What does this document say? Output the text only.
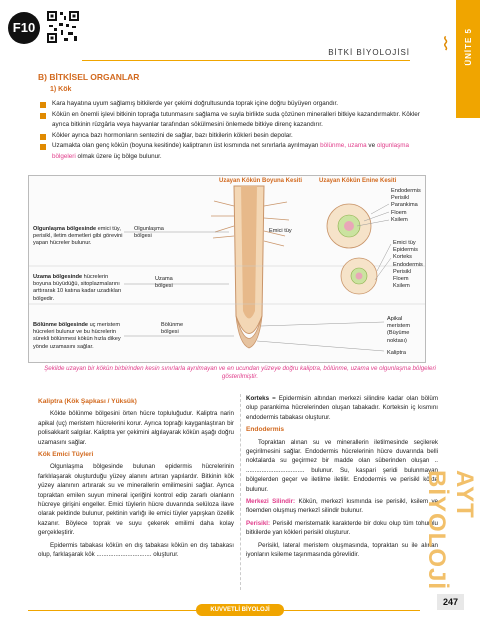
F10
⌇
BİTKİ BİYOLOJİSİ	ÜNİTE 5
B) BİTKİSEL ORGANLAR
1) Kök
Kara hayatına uyum sağlamış bitkilerde yer çekimi doğrultusunda toprak içine doğru büyüyen organdır.
Kökün en önemli işlevi bitkinin toprağa tutunmasını sağlama ve suyla birlikte suda çözünen mineralleri bitkiye kazandırmaktır. Kökler ayrıca bitkinin rüzgârla veya hayvanlar tarafından sökülmesini önlemede bitkiye direnç kazandırır.
Kökler ayrıca bazı hormonların sentezini de sağlar, bazı bitkilerin kökleri besin depolar.
Uzamakta olan genç kökün (boyuna kesitinde) kaliptranın üst kısmında net sınırlarla ayrılmayan bölünme, uzama ve olgunlaşma bölgeleri olmak üzere üç bölge bulunur.
Uzayan Kökün Boyuna Kesiti	Uzayan Kökün Enine Kesiti
Olgunlaşma bölgesinde emici tüy, perisikl, iletim demetleri gibi görevini yapan hücreler bulunur.
Olgunlaşma bölgesi
Uzama bölgesinde hücrelerin boyuna büyüdüğü, sitoplazmalarını arttırarak 10 katına kadar uzadıkları bölgedir.
Uzama bölgesi
Bölünme bölgesinde uç meristem hücreleri bulunur ve bu hücrelerin sürekli bölünmesi kökün hızla dikey yönde uzamasını sağlar.
Bölünme bölgesi
Emici tüy
Endodermis
Perisikl
Parankima
Floem
Ksilem
Emici tüy
Epidermis
Korteks
Endodermis
Perisikl
Floem
Ksilem
Apikal meristem (Büyüme noktası)
Kaliptra
Şekilde uzayan bir kökün birbirinden kesin sınırlarla ayrılmayan ve en ucundan yüzeye doğru kaliptra, bölünme, uzama ve olgunlaşma bölgeleri gösterilmiştir.

Kaliptra (Kök Şapkası / Yüksük)

Kökte bölünme bölgesini örten hücre topluluğudur. Kaliptra narin apikal (uç) meristem hücrelerini korur. Ayrıca toprağı kayganlaştıran bir polisakkarit salgılar. Kaliptra yer çekimini algılayarak kökün aşağı doğru uzamasını sağlar.

Kök Emici Tüyleri

Olgunlaşma bölgesinde bulunan epidermis hücrelerinin farklılaşarak oluşturduğu yüzey alanını artıran yapılardır. Bitkinin kök yüzey alanının artırarak su ve minerallerin emilimesini sağlar. Ayrıca topraktan emilen suyun mineral içeriğini kontrol edip zararlı olanların hücreye girişini engeller. Emici tüylerin hücre duvarında selüloza ilave olarak pektinde bulunur, pektinin varlığı ile emici tüyler yapışkan özellik kazanır. Böylece toprak ve suyu çekerek emilimi daha kolay gerçekleştirir.

Epidermis tabakası kökün en dış tabakası kökün en dış tabakası olup, farklaşarak kök ................................ oluşturur.

Korteks = Epidermisin altından merkezi silindire kadar olan bölüm olup parankima hücrelerinden oluşan tabakadır. Korteksin iç kısmını endodermis tabakası oluşturur.

Endodermis

Topraktan alınan su ve minerallerin iletilmesinde seçilerek geçirilmesini sağlar. Endodermis hücrelerinin hücre duvarında belli noktalarda su geçirmez bir madde olan süberinden oluşan .. .................................. bulunur. Su, kaspari şeridi bulunmayan bölgelerden geçer ve iletilme iletilir. Endodermis ve perisikl kökte bulunur.

Merkezi Silindir: Kökün, merkezî kısmında ise perisikl, ksilem ve floemden oluşmuş merkezî silindir bulunur.

Perisikl: Perisikl meristematik karakterde bir doku olup tüm tohumlu bitkilerde yan kökleri perisikl oluşturur.

Perisikl, lateral meristem oluşmasında, topraktan su ile alınan iyonların ksileme taşınmasında görevlidir.

AYT BİYOLOJİ
KUVVETLİ BİYOLOJİ
247
